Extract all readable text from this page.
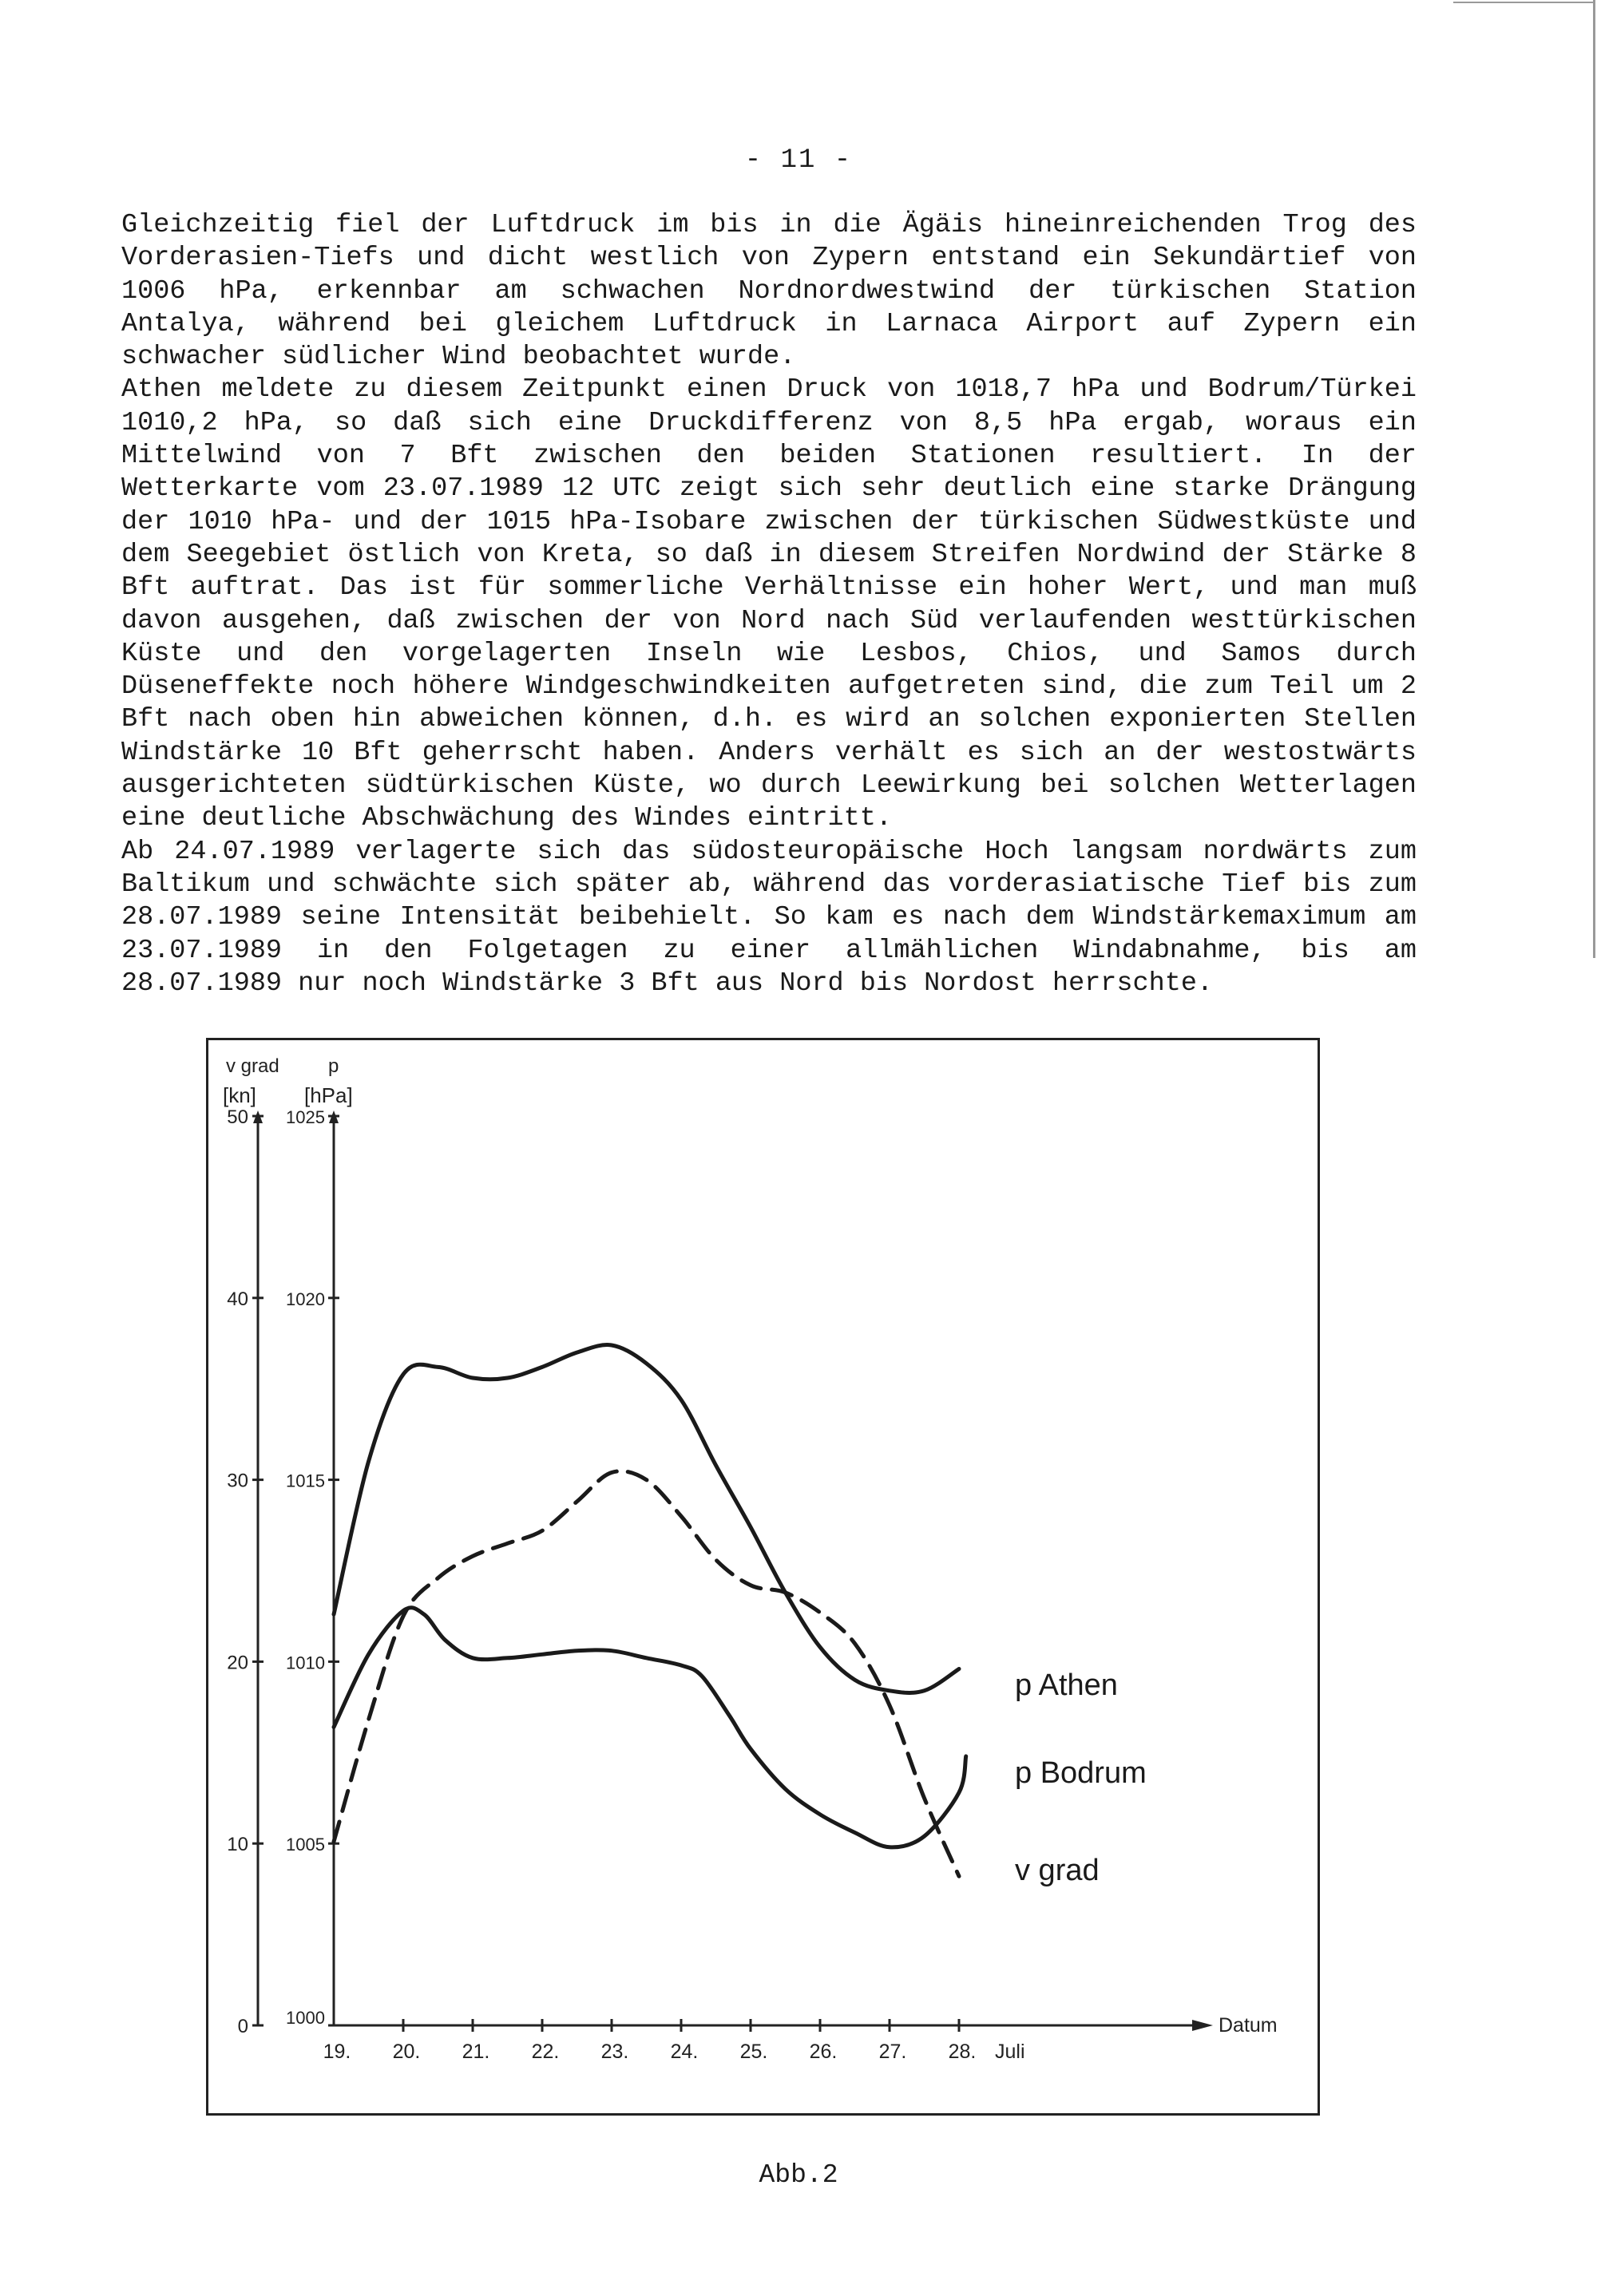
- 11 -

Gleichzeitig fiel der Luftdruck im bis in die Ägäis hineinreichenden Trog des Vorderasien-Tiefs und dicht westlich von Zypern entstand ein Sekundärtief von 1006 hPa, erkennbar am schwachen Nordnordwestwind der türkischen Station Antalya, während bei gleichem Luftdruck in Larnaca Airport auf Zypern ein schwacher südlicher Wind beobachtet wurde.

Athen meldete zu diesem Zeitpunkt einen Druck von 1018,7 hPa und Bodrum/Türkei 1010,2 hPa, so daß sich eine Druckdifferenz von 8,5 hPa ergab, woraus ein Mittelwind von 7 Bft zwischen den beiden Stationen resultiert. In der Wetterkarte vom 23.07.1989 12 UTC zeigt sich sehr deutlich eine starke Drängung der 1010 hPa- und der 1015 hPa-Isobare zwischen der türkischen Südwestküste und dem Seegebiet östlich von Kreta, so daß in diesem Streifen Nordwind der Stärke 8 Bft auftrat. Das ist für sommerliche Verhältnisse ein hoher Wert, und man muß davon ausgehen, daß zwischen der von Nord nach Süd verlaufenden westtürkischen Küste und den vorgelagerten Inseln wie Lesbos, Chios, und Samos durch Düseneffekte noch höhere Windgeschwindkeiten aufgetreten sind, die zum Teil um 2 Bft nach oben hin abweichen können, d.h. es wird an solchen exponierten Stellen Windstärke 10 Bft geherrscht haben. Anders verhält es sich an der westostwärts ausgerichteten südtürkischen Küste, wo durch Leewirkung bei solchen Wetterlagen eine deutliche Abschwächung des Windes eintritt.

Ab 24.07.1989 verlagerte sich das südosteuropäische Hoch langsam nordwärts zum Baltikum und schwächte sich später ab, während das vorderasiatische Tief bis zum 28.07.1989 seine Intensität beibehielt. So kam es nach dem Windstärkemaximum am 23.07.1989 in den Folgetagen zu einer allmählichen Windabnahme, bis am 28.07.1989 nur noch Windstärke 3 Bft aus Nord bis Nordost herrschte.

v grad	p
[kn] [hPa]
Datum
Juli
0
10
20
30
40
50
1000
1005
1010
1015
1020
1025
19. 20. 21. 22. 23. 24. 25. 26. 27. 28.
p Athen
p Bodrum
v grad
Abb.2
